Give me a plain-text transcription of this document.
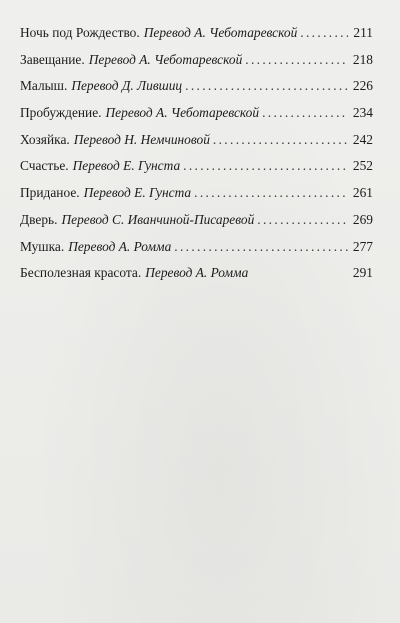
Ночь под Рождество. Перевод А. Чеботаревской . . .	211
Завещание. Перевод А. Чеботаревской . . .	218
Малыш. Перевод Д. Лившиц . . .	226
Пробуждение. Перевод А. Чеботаревской . . .	234
Хозяйка. Перевод Н. Немчиновой . . .	242
Счастье. Перевод Е. Гунста . . .	252
Приданое. Перевод Е. Гунста . . .	261
Дверь. Перевод С. Иванчиной-Писаревой . . .	269
Мушка. Перевод А. Ромма . . .	277
Бесполезная красота. Перевод А. Ромма	291
